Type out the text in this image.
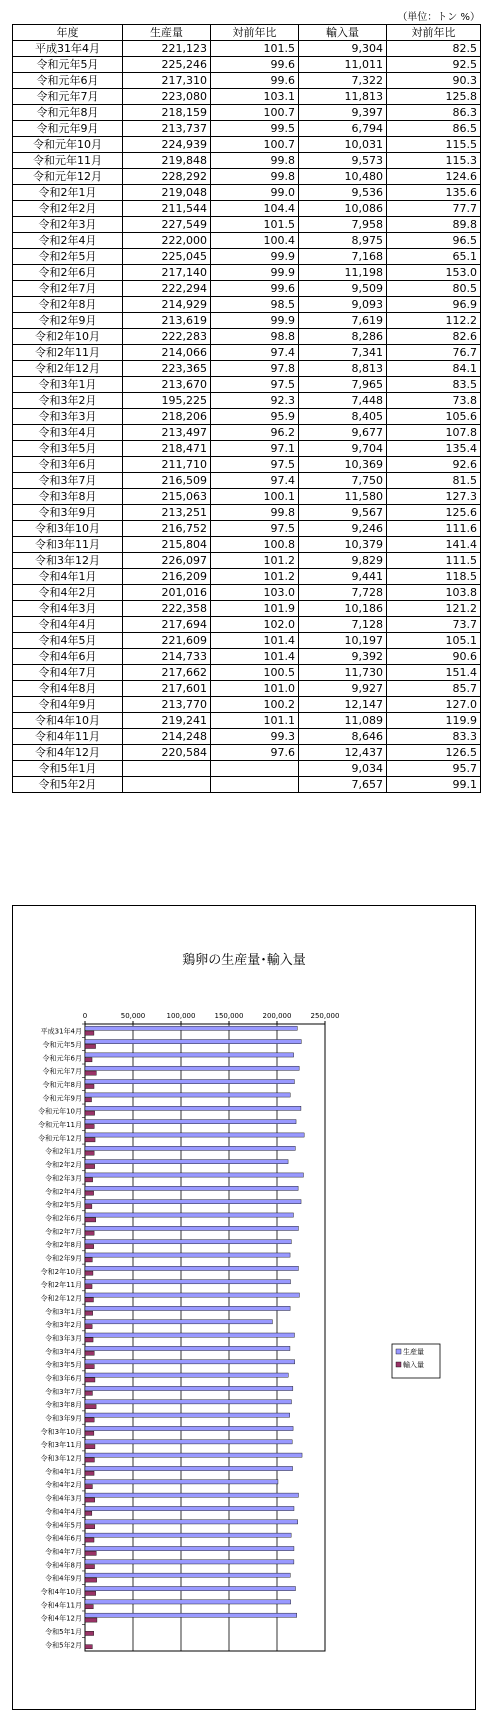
（単位：トン %）
年度	生産量	対前年比	輸入量	対前年比
平成31年4月	221,123	101.5	9,304	82.5
令和元年5月	225,246	99.6	11,011	92.5
令和元年6月	217,310	99.6	7,322	90.3
令和元年7月	223,080	103.1	11,813	125.8
令和元年8月	218,159	100.7	9,397	86.3
令和元年9月	213,737	99.5	6,794	86.5
令和元年10月	224,939	100.7	10,031	115.5
令和元年11月	219,848	99.8	9,573	115.3
令和元年12月	228,292	99.8	10,480	124.6
令和2年1月	219,048	99.0	9,536	135.6
令和2年2月	211,544	104.4	10,086	77.7
令和2年3月	227,549	101.5	7,958	89.8
令和2年4月	222,000	100.4	8,975	96.5
令和2年5月	225,045	99.9	7,168	65.1
令和2年6月	217,140	99.9	11,198	153.0
令和2年7月	222,294	99.6	9,509	80.5
令和2年8月	214,929	98.5	9,093	96.9
令和2年9月	213,619	99.9	7,619	112.2
令和2年10月	222,283	98.8	8,286	82.6
令和2年11月	214,066	97.4	7,341	76.7
令和2年12月	223,365	97.8	8,813	84.1
令和3年1月	213,670	97.5	7,965	83.5
令和3年2月	195,225	92.3	7,448	73.8
令和3年3月	218,206	95.9	8,405	105.6
令和3年4月	213,497	96.2	9,677	107.8
令和3年5月	218,471	97.1	9,704	135.4
令和3年6月	211,710	97.5	10,369	92.6
令和3年7月	216,509	97.4	7,750	81.5
令和3年8月	215,063	100.1	11,580	127.3
令和3年9月	213,251	99.8	9,567	125.6
令和3年10月	216,752	97.5	9,246	111.6
令和3年11月	215,804	100.8	10,379	141.4
令和3年12月	226,097	101.2	9,829	111.5
令和4年1月	216,209	101.2	9,441	118.5
令和4年2月	201,016	103.0	7,728	103.8
令和4年3月	222,358	101.9	10,186	121.2
令和4年4月	217,694	102.0	7,128	73.7
令和4年5月	221,609	101.4	10,197	105.1
令和4年6月	214,733	101.4	9,392	90.6
令和4年7月	217,662	100.5	11,730	151.4
令和4年8月	217,601	101.0	9,927	85.7
令和4年9月	213,770	100.2	12,147	127.0
令和4年10月	219,241	101.1	11,089	119.9
令和4年11月	214,248	99.3	8,646	83.3
令和4年12月	220,584	97.6	12,437	126.5
令和5年1月			9,034	95.7
令和5年2月			7,657	99.1
鶏卵の生産量･輸入量
0	50,000	100,000	150,000	200,000	250,000
平成31年4月
令和元年5月
令和元年6月
令和元年7月
令和元年8月
令和元年9月
令和元年10月
令和元年11月
令和元年12月
令和2年1月
令和2年2月
令和2年3月
令和2年4月
令和2年5月
令和2年6月
令和2年7月
令和2年8月
令和2年9月
令和2年10月
令和2年11月
令和2年12月
令和3年1月
令和3年2月
令和3年3月
令和3年4月
令和3年5月
令和3年6月
令和3年7月
令和3年8月
令和3年9月
令和3年10月
令和3年11月
令和3年12月
令和4年1月
令和4年2月
令和4年3月
令和4年4月
令和4年5月
令和4年6月
令和4年7月
令和4年8月
令和4年9月
令和4年10月
令和4年11月
令和4年12月
令和5年1月
令和5年2月
生産量
輸入量
